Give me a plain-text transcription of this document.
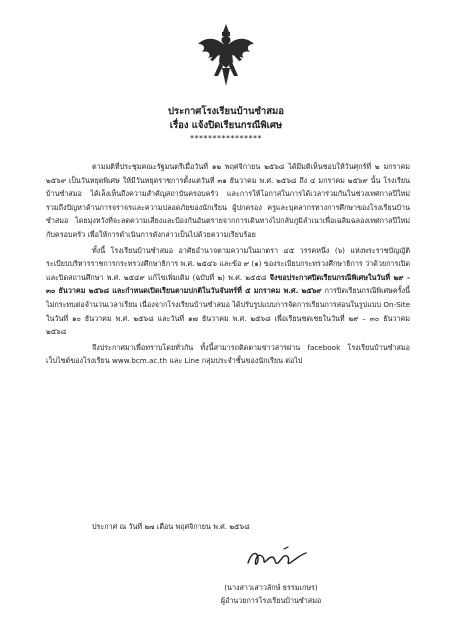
ประกาศโรงเรียนบ้านซำสมอ
เรื่อง แจ้งปิดเรียนกรณีพิเศษ
****************

ตามมติที่ประชุมคณะรัฐมนตรีเมื่อวันที่ ๑๒ พฤศจิกายน ๒๕๖๘ ได้มีมติเห็นชอบให้วันศุกร์ที่ ๒ มกราคม ๒๕๖๙ เป็นวันหยุดพิเศษ ให้มีวันหยุดราชการตั้งแต่วันที่ ๓๑ ธันวาคม พ.ศ. ๒๕๖๘ ถึง ๔ มกราคม ๒๕๖๙ นั้น โรงเรียนบ้านซำสมอ ได้เล็งเห็นถึงความสำคัญสถาบันครอบครัว และการให้โอกาสในการได้เวลาร่วมกันในช่วงเทศกาลปีใหม่ รวมถึงปัญหาด้านการจราจรและความปลอดภัยของนักเรียน ผู้ปกครอง ครูและบุคลากรทางการศึกษาของโรงเรียนบ้านซำสมอ โดยมุ่งหวังที่จะลดความเสี่ยงและป้องกันอันตรายจากการเดินทางไปกลับภูมิลำเนาเพื่อเฉลิมฉลองเทศกาลปีใหม่กับครอบครัว เพื่อให้การดำเนินการดังกล่าวเป็นไปด้วยความเรียบร้อย

ทั้งนี้ โรงเรียนบ้านซำสมอ อาศัยอำนาจตามความในมาตรา ๔๕ วรรคหนึ่ง (๖) แห่งพระราชบัญญัติระเบียบบริหารราชการกระทรวงศึกษาธิการ พ.ศ. ๒๕๔๖ และข้อ ๙ (๑) ของระเบียบกระทรวงศึกษาธิการ ว่าด้วยการเปิด และปิดสถานศึกษา พ.ศ. ๒๕๔๙ แก้ไขเพิ่มเติม (ฉบับที่ ๒) พ.ศ. ๒๕๕๘ จึงขอประกาศปิดเรียนกรณีพิเศษในวันที่ ๒๙ - ๓๐ ธันวาคม ๒๕๖๘ และกำหนดเปิดเรียนตามปกติในวันจันทร์ที่ ๕ มกราคม พ.ศ. ๒๕๖๙ การปิดเรียนกรณีพิเศษครั้งนี้ไม่กระทบต่อจำนวนเวลาเรียน เนื่องจากโรงเรียนบ้านซำสมอ ได้ปรับรูปแบบการจัดการเรียนการสอนในรูปแบบ On-Site ในวันที่ ๑๐ ธันวาคม พ.ศ. ๒๕๖๘ และวันที่ ๑๗ ธันวาคม พ.ศ. ๒๕๖๘ เพื่อเรียนชดเชยในวันที่ ๒๙ – ๓๐ ธันวาคม ๒๕๖๘

จึงประกาศมาเพื่อทราบโดยทั่วกัน ทั้งนี้สามารถติดตามข่าวสารผ่าน facebook โรงเรียนบ้านซำสมอ เว็บไซต์ของโรงเรียน www.bcm.ac.th และ Line กลุ่มประจำชั้นของนักเรียน ต่อไป

ประกาศ ณ วันที่ ๒๗ เดือน พฤศจิกายน พ.ศ. ๒๕๖๘
(นางสาวเสาวลักษ์ ธรรมเกษร)
ผู้อำนวยการโรงเรียนบ้านซำสมอ
